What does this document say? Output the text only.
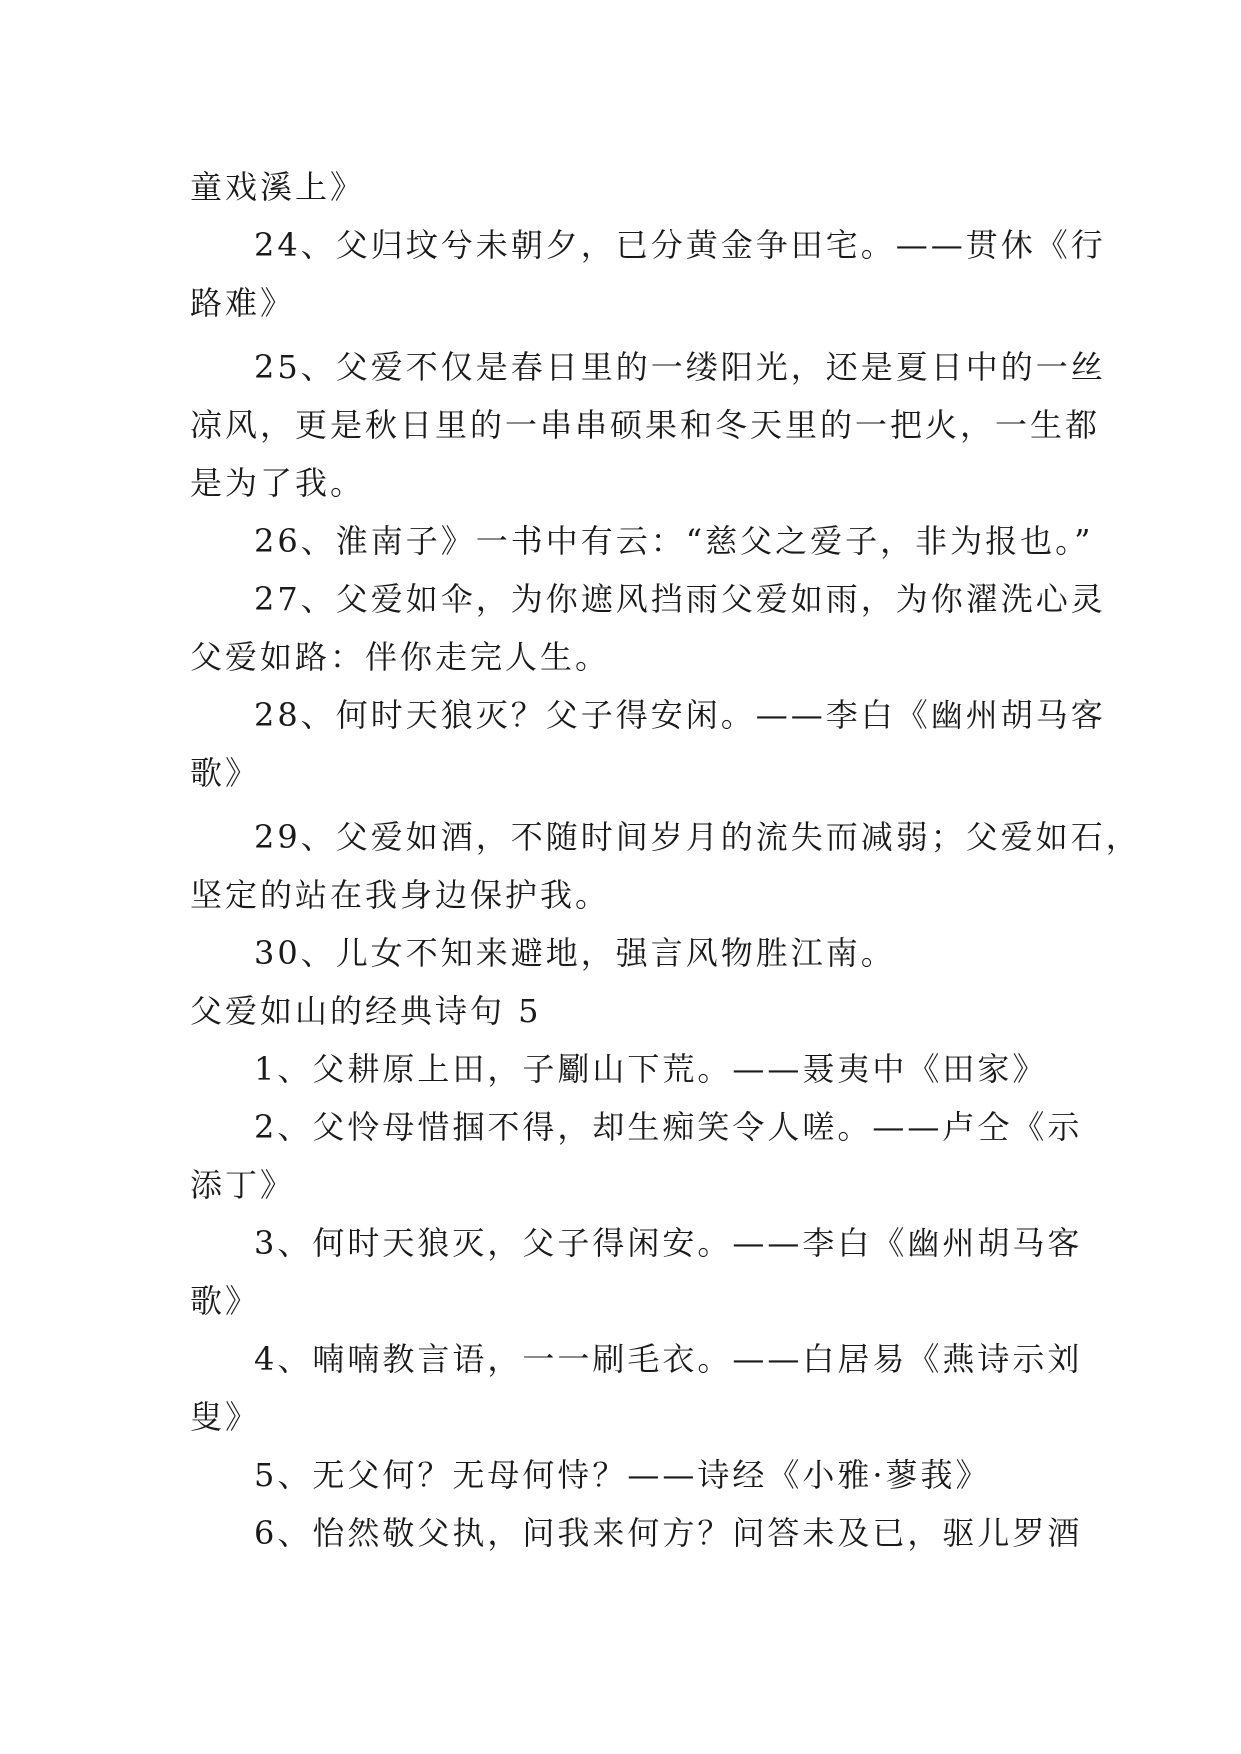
童戏溪上》
24、父归坟兮未朝夕，已分黄金争田宅。——贯休《行
路难》
25、父爱不仅是春日里的一缕阳光，还是夏日中的一丝
凉风，更是秋日里的一串串硕果和冬天里的一把火，一生都
是为了我。
26、淮南子》一书中有云：“慈父之爱子，非为报也。”
27、父爱如伞，为你遮风挡雨父爱如雨，为你濯洗心灵
父爱如路：伴你走完人生。
28、何时天狼灭？父子得安闲。——李白《幽州胡马客
歌》
29、父爱如酒，不随时间岁月的流失而减弱；父爱如石，
坚定的站在我身边保护我。
30、儿女不知来避地，强言风物胜江南。
父爱如山的经典诗句 5
1、父耕原上田，子劚山下荒。——聂夷中《田家》
2、父怜母惜掴不得，却生痴笑令人嗟。——卢仝《示
添丁》
3、何时天狼灭，父子得闲安。——李白《幽州胡马客
歌》
4、喃喃教言语，一一刷毛衣。——白居易《燕诗示刘
叟》
5、无父何？无母何恃？——诗经《小雅·蓼莪》
6、怡然敬父执，问我来何方？问答未及已，驱儿罗酒
